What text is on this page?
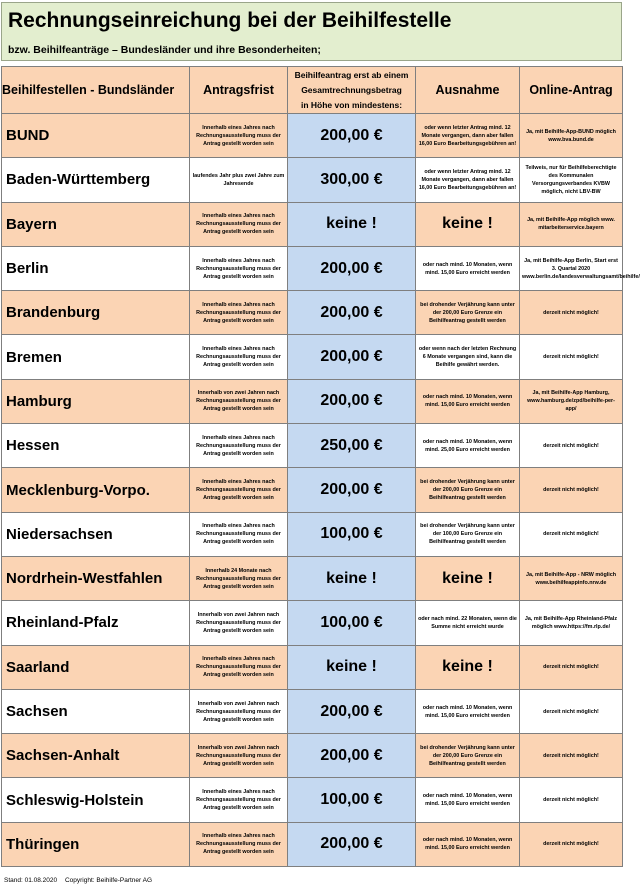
Rechnungseinreichung bei der Beihilfestelle
bzw. Beihilfeanträge – Bundesländer und ihre Besonderheiten;
Beihilfestellen - Bundsländer	Antragsfrist	Beihilfeantrag erst ab einem
Gesamtrechnungsbetrag
in Höhe von mindestens:	Ausnahme	Online-Antrag
BUND	Innerhalb eines Jahres nach Rechnungsausstellung muss der Antrag gestellt worden sein	200,00 €	oder wenn letzter Antrag mind. 12 Monate vergangen, dann aber fallen 16,00 Euro Bearbeitungsgebühren an!	Ja, mit Beihilfe-App-BUND möglich www.bva.bund.de
Baden-Württemberg	laufendes Jahr plus zwei Jahre zum Jahresende	300,00 €	oder wenn letzter Antrag mind. 12 Monate vergangen, dann aber fallen 16,00 Euro Bearbeitungsgebühren an!	Teilweis, nur für Beihilfeberechtigte des Kommunalen Versorgungsverbandes KVBW möglich, nicht LBV-BW
Bayern	Innerhalb eines Jahres nach Rechnungsausstellung muss der Antrag gestellt worden sein	keine !	keine !	Ja, mit Beihilfe-App möglich www. mitarbeiterservice.bayern
Berlin	Innerhalb eines Jahres nach Rechnungsausstellung muss der Antrag gestellt worden sein	200,00 €	oder nach mind. 10 Monaten, wenn mind. 15,00 Euro erreicht werden	Ja, mit Beihilfe-App Berlin, Start erst 3. Quartal 2020 www.berlin.de/landesverwaltungsamt/beihilfe/
Brandenburg	Innerhalb eines Jahres nach Rechnungsausstellung muss der Antrag gestellt worden sein	200,00 €	bei drohender Verjährung kann unter der 200,00 Euro Grenze ein Beihilfeantrag gestellt werden	derzeit nicht möglich!
Bremen	Innerhalb eines Jahres nach Rechnungsausstellung muss der Antrag gestellt worden sein	200,00 €	oder wenn nach der letzten Rechnung 6 Monate vergangen sind, kann die Beihilfe gewährt werden.	derzeit nicht möglich!
Hamburg	Innerhalb von zwei Jahren nach Rechnungsausstellung muss der Antrag gestellt worden sein	200,00 €	oder nach mind. 10 Monaten, wenn mind. 15,00 Euro erreicht werden	Ja, mit Beihilfe-App Hamburg, www.hamburg.de/zpd/beihilfe-per-app/
Hessen	Innerhalb eines Jahres nach Rechnungsausstellung muss der Antrag gestellt worden sein	250,00 €	oder nach mind. 10 Monaten, wenn mind. 25,00 Euro erreicht werden	derzeit nicht möglich!
Mecklenburg-Vorpo.	Innerhalb eines Jahres nach Rechnungsausstellung muss der Antrag gestellt worden sein	200,00 €	bei drohender Verjährung kann unter der 200,00 Euro Grenze ein Beihilfeantrag gestellt werden	derzeit nicht möglich!
Niedersachsen	Innerhalb eines Jahres nach Rechnungsausstellung muss der Antrag gestellt worden sein	100,00 €	bei drohender Verjährung kann unter der 100,00 Euro Grenze ein Beihilfeantrag gestellt werden	derzeit nicht möglich!
Nordrhein-Westfahlen	Innerhalb 24 Monate nach Rechnungsausstellung muss der Antrag gestellt worden sein	keine !	keine !	Ja, mit Beihilfe-App - NRW möglich www.beihilfeappinfo.nrw.de
Rheinland-Pfalz	Innerhalb von zwei Jahren nach Rechnungsausstellung muss der Antrag gestellt worden sein	100,00 €	oder nach mind. 22 Monaten, wenn die Summe nicht erreicht wurde	Ja, mit Beihilfe-App Rheinland-Pfalz möglich www.https://fm.rlp.de/
Saarland	Innerhalb eines Jahres nach Rechnungsausstellung muss der Antrag gestellt worden sein	keine !	keine !	derzeit nicht möglich!
Sachsen	Innerhalb von zwei Jahren nach Rechnungsausstellung muss der Antrag gestellt worden sein	200,00 €	oder nach mind. 10 Monaten, wenn mind. 15,00 Euro erreicht werden	derzeit nicht möglich!
Sachsen-Anhalt	Innerhalb von zwei Jahren nach Rechnungsausstellung muss der Antrag gestellt worden sein	200,00 €	bei drohender Verjährung kann unter der 200,00 Euro Grenze ein Beihilfeantrag gestellt werden	derzeit nicht möglich!
Schleswig-Holstein	Innerhalb eines Jahres nach Rechnungsausstellung muss der Antrag gestellt worden sein	100,00 €	oder nach mind. 10 Monaten, wenn mind. 15,00 Euro erreicht werden	derzeit nicht möglich!
Thüringen	Innerhalb eines Jahres nach Rechnungsausstellung muss der Antrag gestellt worden sein	200,00 €	oder nach mind. 10 Monaten, wenn mind. 15,00 Euro erreicht werden	derzeit nicht möglich!
Stand: 01.08.2020 Copyright: Beihilfe-Partner AG
